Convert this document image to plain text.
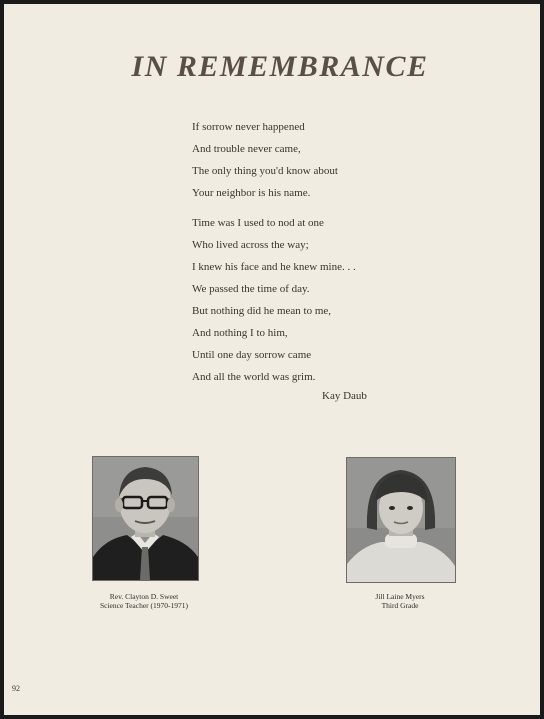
IN REMEMBRANCE
If sorrow never happened
And trouble never came,
The only thing you'd know about
Your neighbor is his name.
Time was I used to nod at one
Who lived across the way;
I knew his face and he knew mine. . .
We passed the time of day.
But nothing did he mean to me,
And nothing I to him,
Until one day sorrow came
And all the world was grim.
Kay Daub
Rev. Clayton D. Sweet
Science Teacher (1970-1971)
Jill Laine Myers
Third Grade
92
